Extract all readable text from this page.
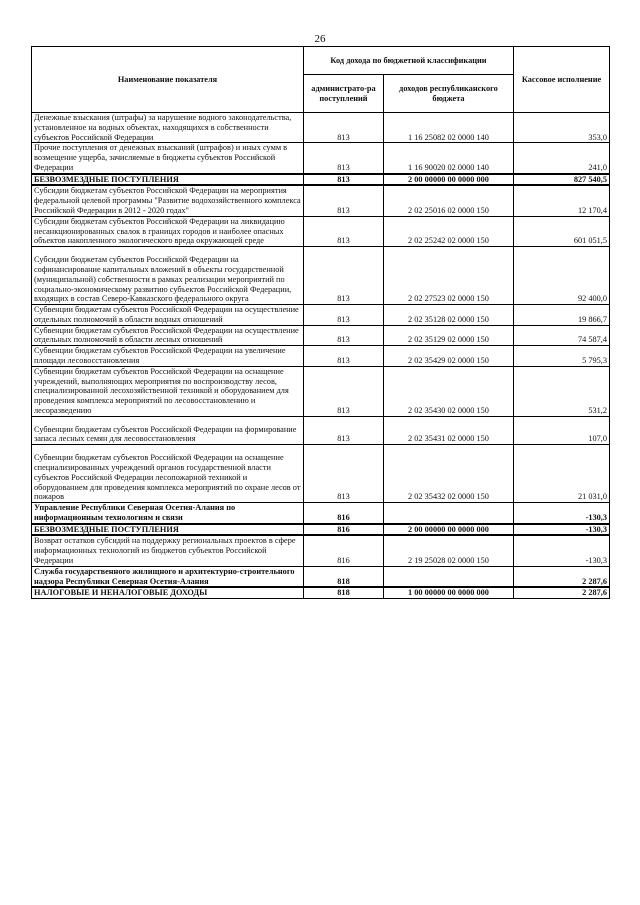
26
Наименование показателя	Код дохода по бюджетной классификации		Кассовое исполнение
	администрато-ра поступлений	доходов республиканского бюджета	
Денежные взыскания (штрафы) за нарушение водного законодательства, установленное на водных объектах, находящихся в собственности субъектов Российской Федерации	813	1 16 25082 02 0000 140	353,0
Прочие поступления от денежных взысканий (штрафов) и иных сумм в возмещение ущерба, зачисляемые в бюджеты субъектов Российской Федерации	813	1 16 90020 02 0000 140	241,0
БЕЗВОЗМЕЗДНЫЕ ПОСТУПЛЕНИЯ	813	2 00 00000 00 0000 000	827 540,5
Субсидии бюджетам субъектов Российской Федерации на мероприятия федеральной целевой программы "Развитие водохозяйственного комплекса Российской Федерации в 2012 - 2020 годах"	813	2 02 25016 02 0000 150	12 170,4
Субсидии бюджетам субъектов Российской Федерации на ликвидацию несанкционированных свалок в границах городов и наиболее опасных объектов накопленного экологического вреда окружающей среде	813	2 02 25242 02 0000 150	601 051,5
Субсидии бюджетам субъектов Российской Федерации на софинансирование капитальных вложений в объекты государственной (муниципальной) собственности в рамках реализации мероприятий по социально-экономическому развитию субъектов Российской Федерации, входящих в состав Северо-Кавказского федерального округа	813	2 02 27523 02 0000 150	92 400,0
Субвенции бюджетам субъектов Российской Федерации на осуществление отдельных полномочий в области водных отношений	813	2 02 35128 02 0000 150	19 866,7
Субвенции бюджетам субъектов Российской Федерации на осуществление отдельных полномочий в области лесных отношений	813	2 02 35129 02 0000 150	74 587,4
Субвенции бюджетам субъектов Российской Федерации на увеличение площади лесовосстановления	813	2 02 35429 02 0000 150	5 795,3
Субвенции бюджетам субъектов Российской Федерации на оснащение учреждений, выполняющих мероприятия по воспроизводству лесов, специализированной лесохозяйственной техникой и оборудованием для проведения комплекса мероприятий по лесовосстановлению и лесоразведению	813	2 02 35430 02 0000 150	531,2
Субвенции бюджетам субъектов Российской Федерации на формирование запаса лесных семян для лесовосстановления	813	2 02 35431 02 0000 150	107,0
Субвенции бюджетам субъектов Российской Федерации на оснащение специализированных учреждений органов государственной власти субъектов Российской Федерации лесопожарной техникой и оборудованием для проведения комплекса мероприятий по охране лесов от пожаров	813	2 02 35432 02 0000 150	21 031,0
Управление Республики Северная Осетия-Алания по информационным технологиям и связи	816		-130,3
БЕЗВОЗМЕЗДНЫЕ ПОСТУПЛЕНИЯ	816	2 00 00000 00 0000 000	-130,3
Возврат остатков субсидий на поддержку региональных проектов в сфере информационных технологий из бюджетов субъектов Российской Федерации	816	2 19 25028 02 0000 150	-130,3
Служба государственного жилищного и архитектурно-строительного надзора Республики Северная Осетия-Алания	818		2 287,6
НАЛОГОВЫЕ И НЕНАЛОГОВЫЕ ДОХОДЫ	818	1 00 00000 00 0000 000	2 287,6
